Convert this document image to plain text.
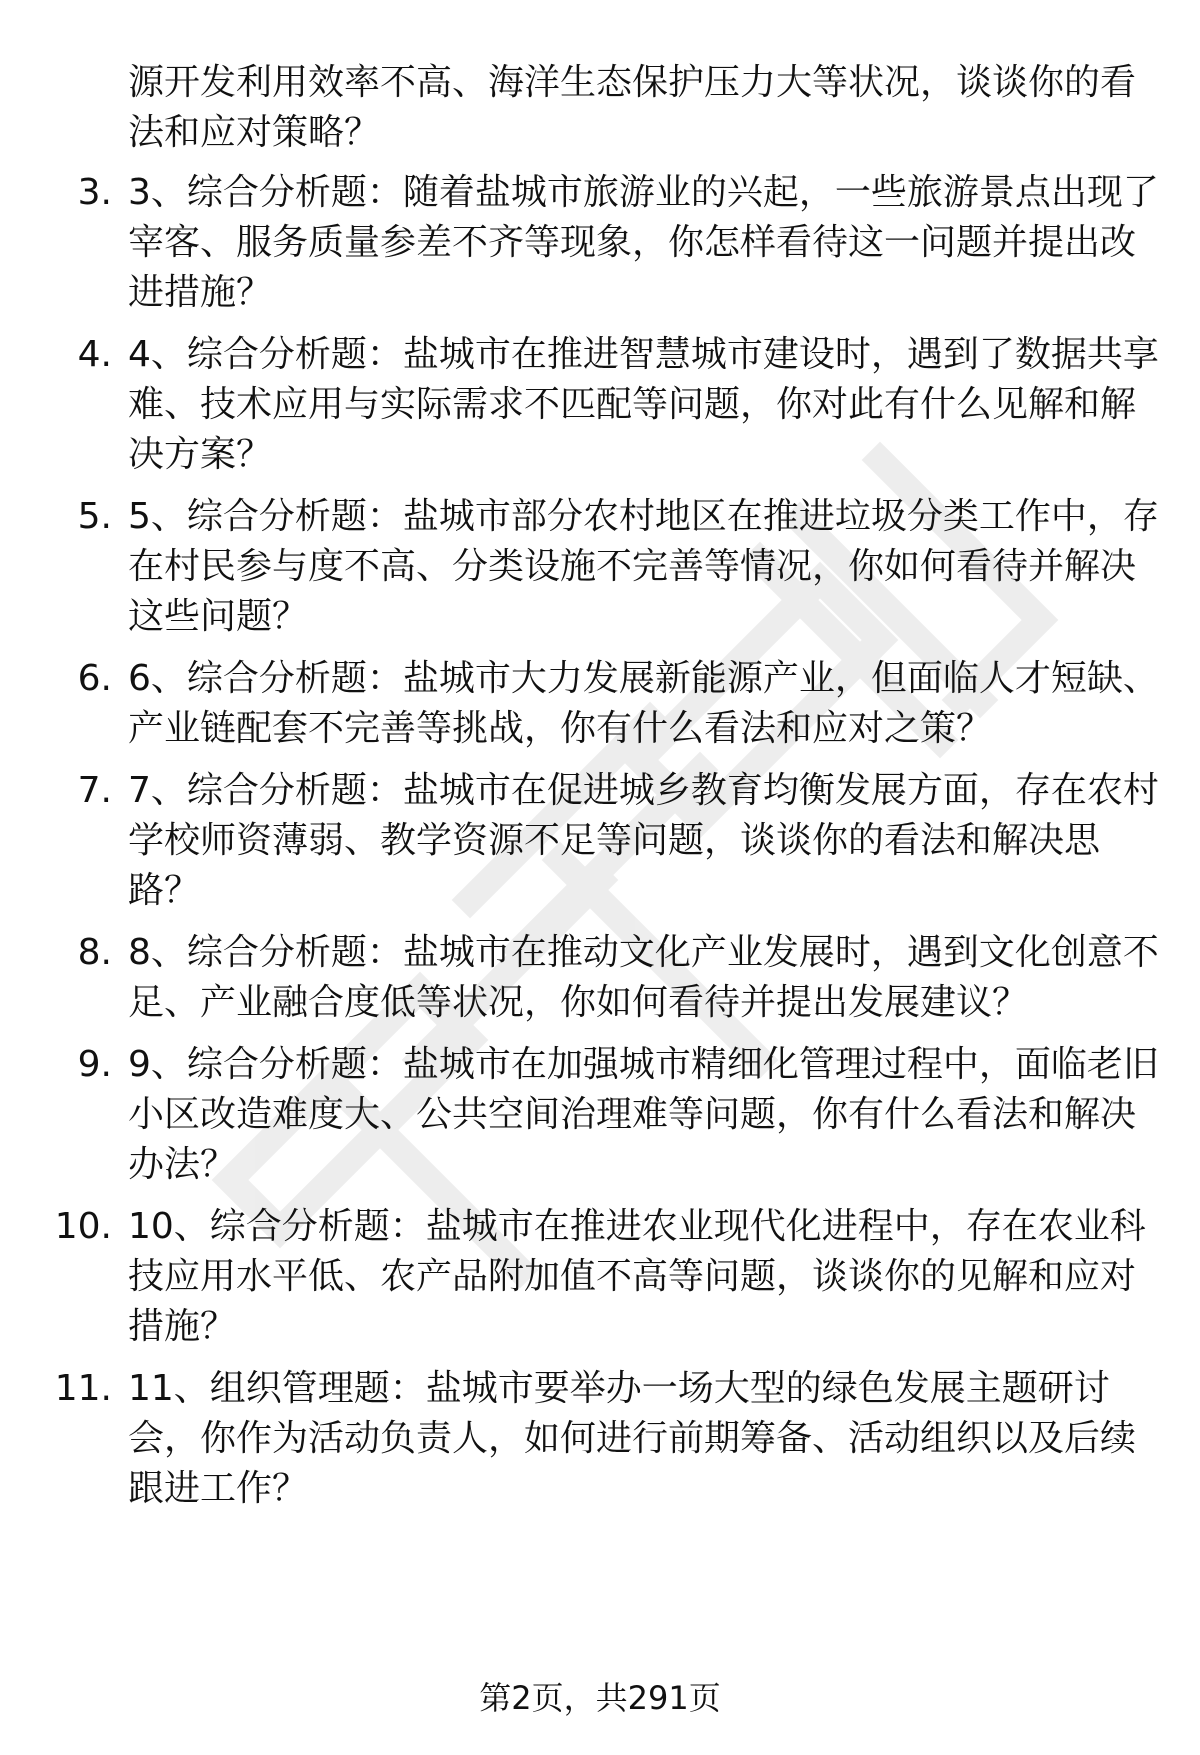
源开发利用效率不高、海洋生态保护压力大等状况，谈谈你的看法和应对策略？
3. 3、综合分析题：随着盐城市旅游业的兴起，一些旅游景点出现了宰客、服务质量参差不齐等现象，你怎样看待这一问题并提出改进措施？
4. 4、综合分析题：盐城市在推进智慧城市建设时，遇到了数据共享难、技术应用与实际需求不匹配等问题，你对此有什么见解和解决方案？
5. 5、综合分析题：盐城市部分农村地区在推进垃圾分类工作中，存在村民参与度不高、分类设施不完善等情况，你如何看待并解决这些问题？
6. 6、综合分析题：盐城市大力发展新能源产业，但面临人才短缺、产业链配套不完善等挑战，你有什么看法和应对之策？
7. 7、综合分析题：盐城市在促进城乡教育均衡发展方面，存在农村学校师资薄弱、教学资源不足等问题，谈谈你的看法和解决思路？
8. 8、综合分析题：盐城市在推动文化产业发展时，遇到文化创意不足、产业融合度低等状况，你如何看待并提出发展建议？
9. 9、综合分析题：盐城市在加强城市精细化管理过程中，面临老旧小区改造难度大、公共空间治理难等问题，你有什么看法和解决办法？
10. 10、综合分析题：盐城市在推进农业现代化进程中，存在农业科技应用水平低、农产品附加值不高等问题，谈谈你的见解和应对措施？
11. 11、组织管理题：盐城市要举办一场大型的绿色发展主题研讨会，你作为活动负责人，如何进行前期筹备、活动组织以及后续跟进工作？
第2页，共291页
